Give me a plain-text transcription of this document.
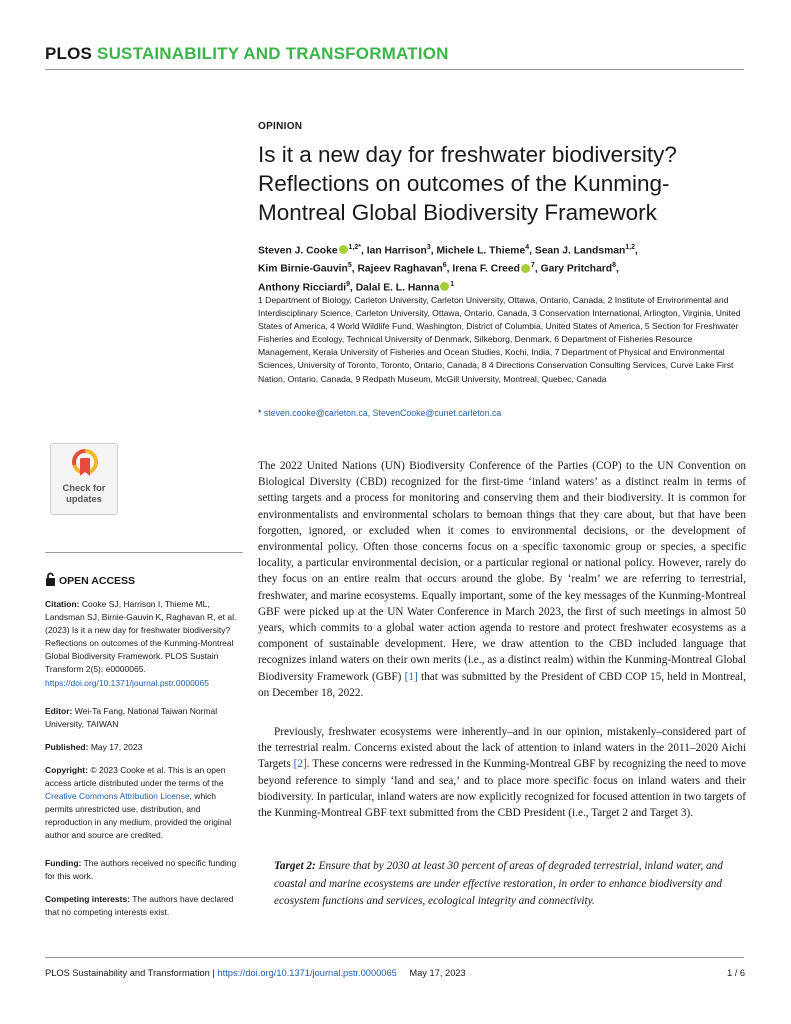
PLOS SUSTAINABILITY AND TRANSFORMATION
OPINION
Is it a new day for freshwater biodiversity? Reflections on outcomes of the Kunming-Montreal Global Biodiversity Framework
Steven J. Cooke $^{1,2*}$, Ian Harrison$^3$, Michele L. Thieme$^4$, Sean J. Landsman$^{1,2}$,
Kim Birnie-Gauvin$^5$, Rajeev Raghavan$^6$, Irena F. Creed $^7$, Gary Pritchard$^8$,
Anthony Ricciardi$^9$, Dalal E. L. Hanna $^1$
1 Department of Biology, Carleton University, Carleton University, Ottawa, Ontario, Canada, 2 Institute of Environmental and Interdisciplinary Science, Carleton University, Ottawa, Ontario, Canada, 3 Conservation International, Arlington, Virginia, United States of America, 4 World Wildlife Fund, Washington, District of Columbia, United States of America, 5 Section for Freshwater Fisheries and Ecology, Technical University of Denmark, Silkeborg, Denmark, 6 Department of Fisheries Resource Management, Kerala University of Fisheries and Ocean Studies, Kochi, India, 7 Department of Physical and Environmental Sciences, University of Toronto, Toronto, Ontario, Canada, 8 4 Directions Conservation Consulting Services, Curve Lake First Nation, Ontario, Canada, 9 Redpath Museum, McGill University, Montreal, Quebec, Canada
* steven.cooke@carleton.ca, StevenCooke@cunet.carleton.ca
Check for
updates
OPEN ACCESS
Citation: Cooke SJ, Harrison I, Thieme ML, Landsman SJ, Birnie-Gauvin K, Raghavan R, et al. (2023) Is it a new day for freshwater biodiversity? Reflections on outcomes of the Kunming-Montreal Global Biodiversity Framework. PLOS Sustain Transform 2(5): e0000065. https://doi.org/10.1371/journal.pstr.0000065
Editor: Wei-Ta Fang, National Taiwan Normal University, TAIWAN
Published: May 17, 2023
Copyright: © 2023 Cooke et al. This is an open access article distributed under the terms of the Creative Commons Attribution License, which permits unrestricted use, distribution, and reproduction in any medium, provided the original author and source are credited.
Funding: The authors received no specific funding for this work.
Competing interests: The authors have declared that no competing interests exist.
The 2022 United Nations (UN) Biodiversity Conference of the Parties (COP) to the UN Convention on Biological Diversity (CBD) recognized for the first-time ‘inland waters’ as a distinct realm in terms of setting targets and a process for monitoring and conserving them and their biodiversity. It is common for environmentalists and environmental scholars to bemoan things that they care about, but that have been forgotten, ignored, or excluded when it comes to environmental decisions, or the development of environmental policy. Often those concerns focus on a specific taxonomic group or species, a specific locality, a particular environmental decision, or a particular regional or national policy. However, rarely do they focus on an entire realm that occurs around the globe. By ‘realm’ we are referring to terrestrial, freshwater, and marine ecosystems. Equally important, some of the key messages of the Kunming-Montreal GBF were picked up at the UN Water Conference in March 2023, the first of such meetings in almost 50 years, which commits to a global water action agenda to restore and protect freshwater ecosystems as a component of sustainable development. Here, we draw attention to the CBD included language that recognizes inland waters on their own merits (i.e., as a distinct realm) within the Kunming-Montreal Global Biodiversity Framework (GBF) [1] that was submitted by the President of CBD COP 15, held in Montreal, on December 18, 2022.
Previously, freshwater ecosystems were inherently–and in our opinion, mistakenly–considered part of the terrestrial realm. Concerns existed about the lack of attention to inland waters in the 2011–2020 Aichi Targets [2]. These concerns were redressed in the Kunming-Montreal GBF by recognizing the need to move beyond reference to simply ‘land and sea,’ and to place more specific focus on inland waters and their biodiversity. In particular, inland waters are now explicitly recognized for focused attention in two targets of the Kunming-Montreal GBF text submitted from the CBD President (i.e., Target 2 and Target 3).
Target 2: Ensure that by 2030 at least 30 percent of areas of degraded terrestrial, inland water, and coastal and marine ecosystems are under effective restoration, in order to enhance biodiversity and ecosystem functions and services, ecological integrity and connectivity.
PLOS Sustainability and Transformation | https://doi.org/10.1371/journal.pstr.0000065 May 17, 2023	1 / 6
